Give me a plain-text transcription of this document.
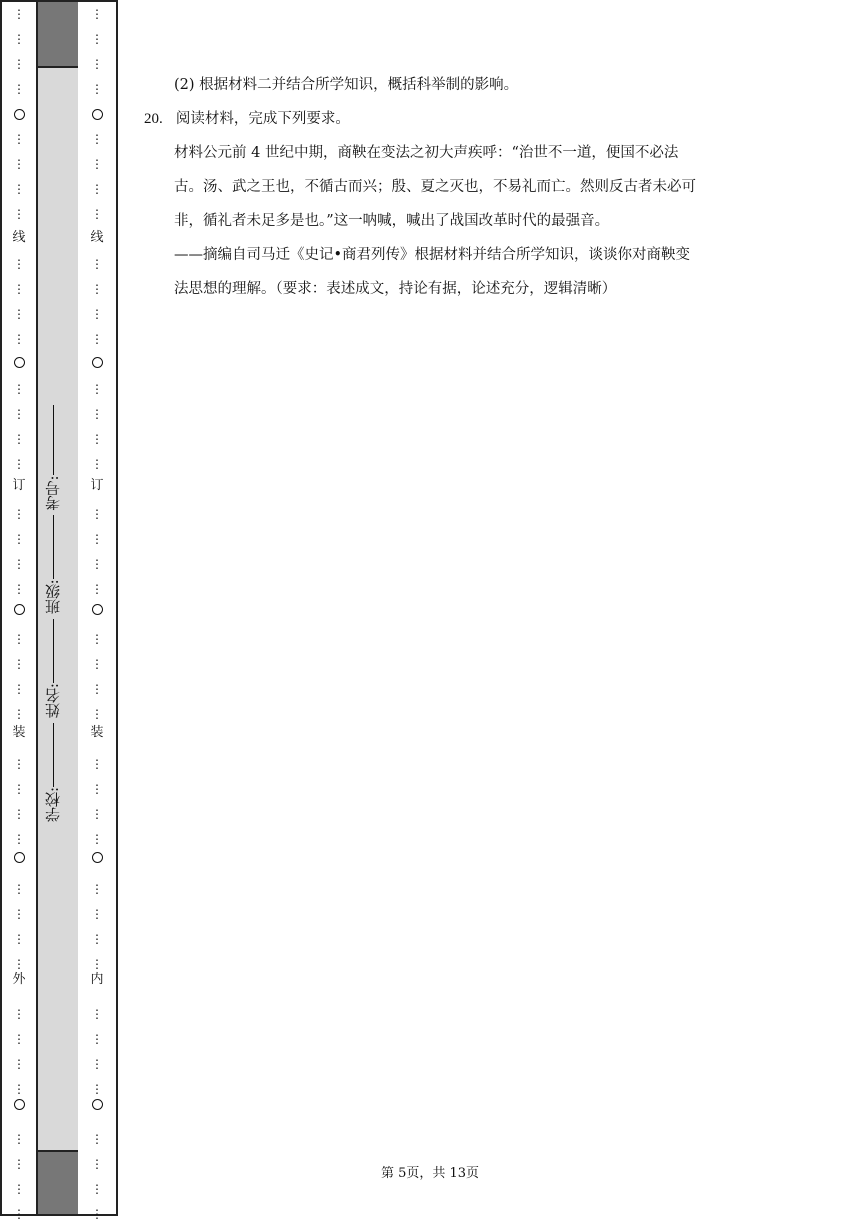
⋮
⋮
⋮
⋮
⋮
⋮
⋮
⋮
⋮
⋮
⋮
⋮
⋮
⋮
⋮
⋮
⋮
⋮
⋮
⋮
⋮
⋮
⋮
⋮
⋮
⋮
⋮
⋮
⋮
⋮
⋮
⋮
⋮
⋮
⋮
⋮
⋮
⋮
⋮
⋮
线
订
装
外
学校: 姓名: 班级: 考号:
⋮
⋮
⋮
⋮
⋮
⋮
⋮
⋮
⋮
⋮
⋮
⋮
⋮
⋮
⋮
⋮
⋮
⋮
⋮
⋮
⋮
⋮
⋮
⋮
⋮
⋮
⋮
⋮
⋮
⋮
⋮
⋮
⋮
⋮
⋮
⋮
⋮
⋮
⋮
⋮
线
订
装
内
(2) 根据材料二并结合所学知识，概括科举制的影响。
20. 阅读材料，完成下列要求。
材料公元前 4 世纪中期，商鞅在变法之初大声疾呼：“治世不一道，便国不必法
古。汤、武之王也，不循古而兴；殷、夏之灭也，不易礼而亡。然则反古者未必可
非，循礼者未足多是也。”这一呐喊，喊出了战国改革时代的最强音。
——摘编自司马迁《史记•商君列传》根据材料并结合所学知识，谈谈你对商鞅变
法思想的理解。（要求：表述成文，持论有据，论述充分，逻辑清晰）
第 5页，共 13页
